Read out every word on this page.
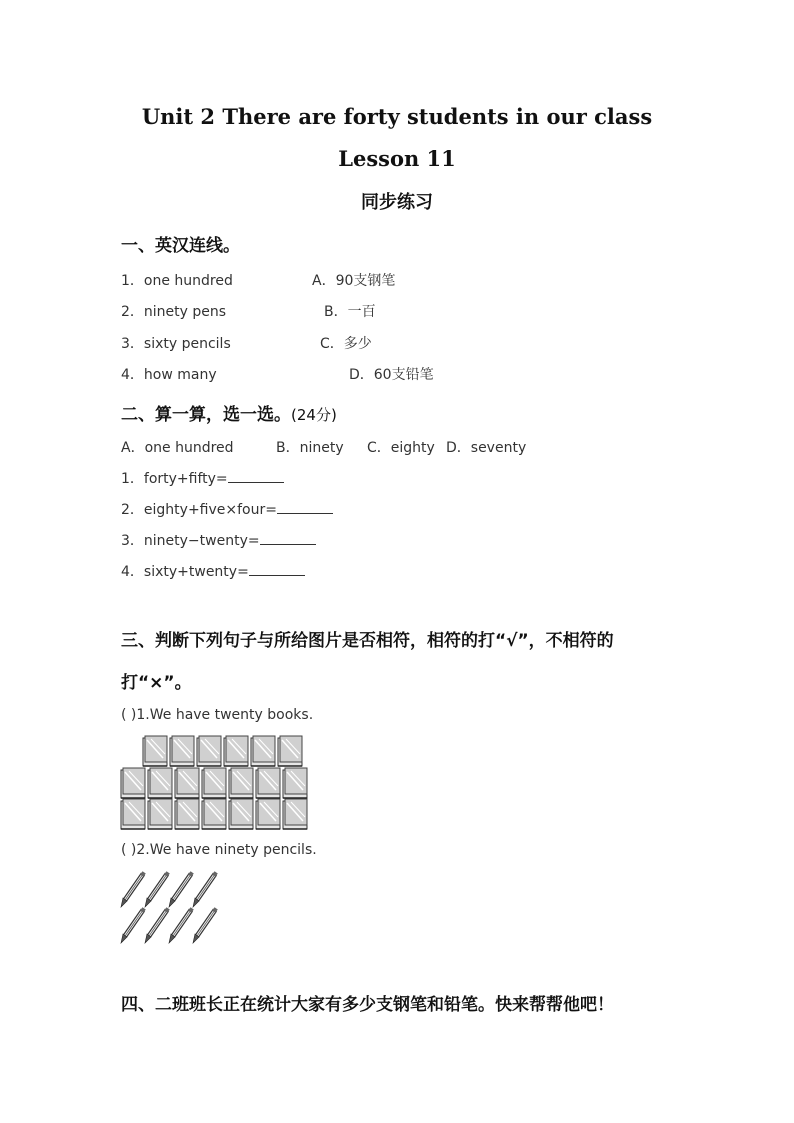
Unit 2 There are forty students in our class
Lesson 11
同步练习
一、英汉连线。
1．one hundred
2．ninety pens
3．sixty pencils
4．how many
A．90支钢笔
B．一百
C．多少
D．60支铅笔
二、算一算，选一选。(24分)
A．one hundred	B．ninety C．eighty D．seventy
1．forty+fifty=
2．eighty+five×four=
3．ninety−twenty=
4．sixty+twenty=
三、判断下列句子与所给图片是否相符，相符的打“√”，不相符的
打“×”。
( )1.We have twenty books.
( )2.We have ninety pencils.
四、二班班长正在统计大家有多少支钢笔和铅笔。快来帮帮他吧！
